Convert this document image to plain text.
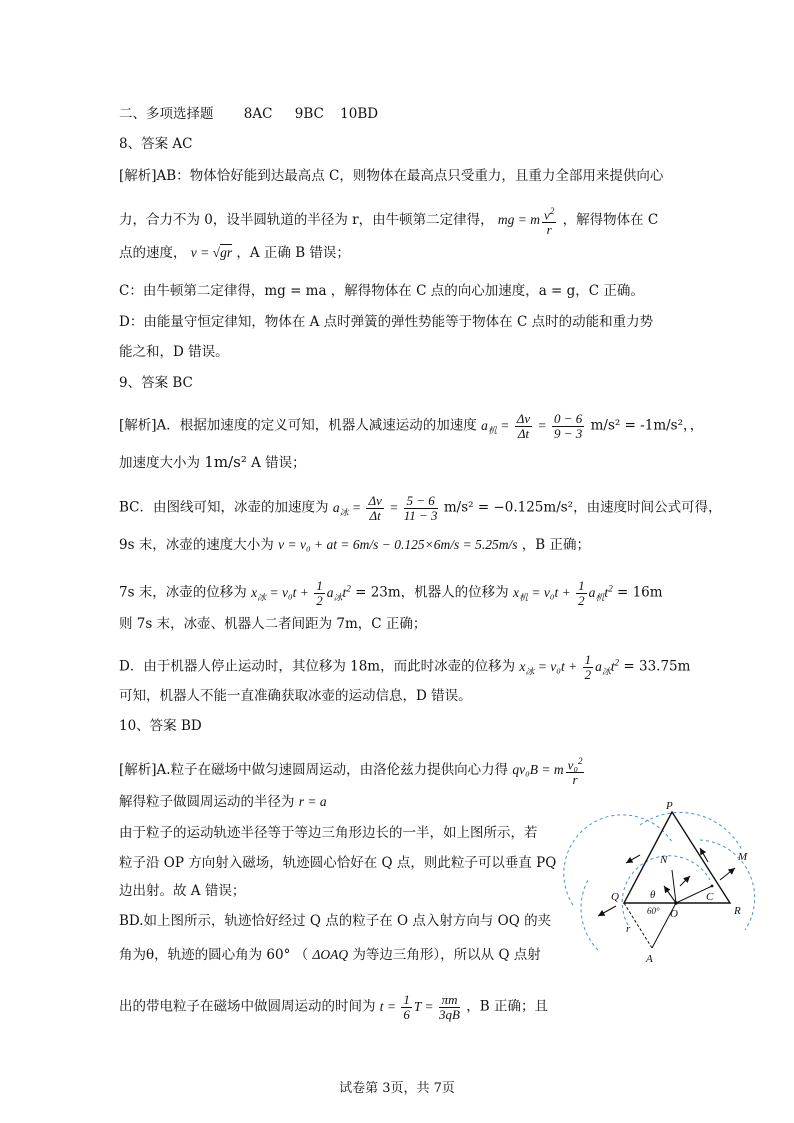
二、多项选择题 8AC 9BC 10BD
8、答案 AC
[解析]AB：物体恰好能到达最高点 C，则物体在最高点只受重力，且重力全部用来提供向心
力，合力不为 0，设半圆轨道的半径为 r，由牛顿第二定律得， mg = m $\frac{v^2}{r}$ ，解得物体在 C
点的速度， v = √gr ，A 正确 B 错误；
C：由牛顿第二定律得，mg = ma ，解得物体在 C 点的向心加速度，a = g，C 正确。
D：由能量守恒定律知，物体在 A 点时弹簧的弹性势能等于物体在 C 点时的动能和重力势
能之和，D 错误。
9、答案 BC
[解析]A．根据加速度的定义可知，机器人减速运动的加速度 $a_机 = \frac{\Delta v}{\Delta t} = \frac{0 - 6}{9 - 3} m/s^2 = -1m/s^2$，，
加速度大小为 1m/s² A 错误；
BC．由图线可知，冰壶的加速度为 $a_冰 = \frac{\Delta v}{\Delta t} = \frac{5 - 6}{11 - 3} m/s^2 = -0.125m/s^2$，由速度时间公式可得，
9s 末，冰壶的速度大小为 v = v₀ + at = 6m/s − 0.125×6m/s = 5.25m/s ，B 正确；
7s 末，冰壶的位移为 $x_冰 = v_0t + \frac{1}{2} a_冰t^2 = 23m$，机器人的位移为 $x_机 = v_0t + \frac{1}{2} a_机t^2 = 16m$
则 7s 末，冰壶、机器人二者间距为 7m，C 正确；
D．由于机器人停止运动时，其位移为 18m，而此时冰壶的位移为 $x_冰 = v_0t + \frac{1}{2} a_冰t^2 = 33.75m$
可知，机器人不能一直准确获取冰壶的运动信息，D 错误。
10、答案 BD
[解析]A.粒子在磁场中做匀速圆周运动，由洛伦兹力提供向心力得 qv₀B = m $\frac{v_0^2}{r}$
解得粒子做圆周运动的半径为 r = a
由于粒子的运动轨迹半径等于等边三角形边长的一半，如上图所示，若
粒子沿 OP 方向射入磁场，轨迹圆心恰好在 Q 点，则此粒子可以垂直 PQ
边出射。故 A 错误；
BD.如上图所示，轨迹恰好经过 Q 点的粒子在 O 点入射方向与 OQ 的夹
角为θ，轨迹的圆心角为 60° （ ΔOAQ 为等边三角形），所以从 Q 点射
出的带电粒子在磁场中做圆周运动的时间为 $t = \frac{1}{6}$ $T = \frac{\pi m}{3qB}$ ，B 正确；且
P
N	M
Q	θ
O
60°
C
R
r
A
试卷第 3页，共 7页
